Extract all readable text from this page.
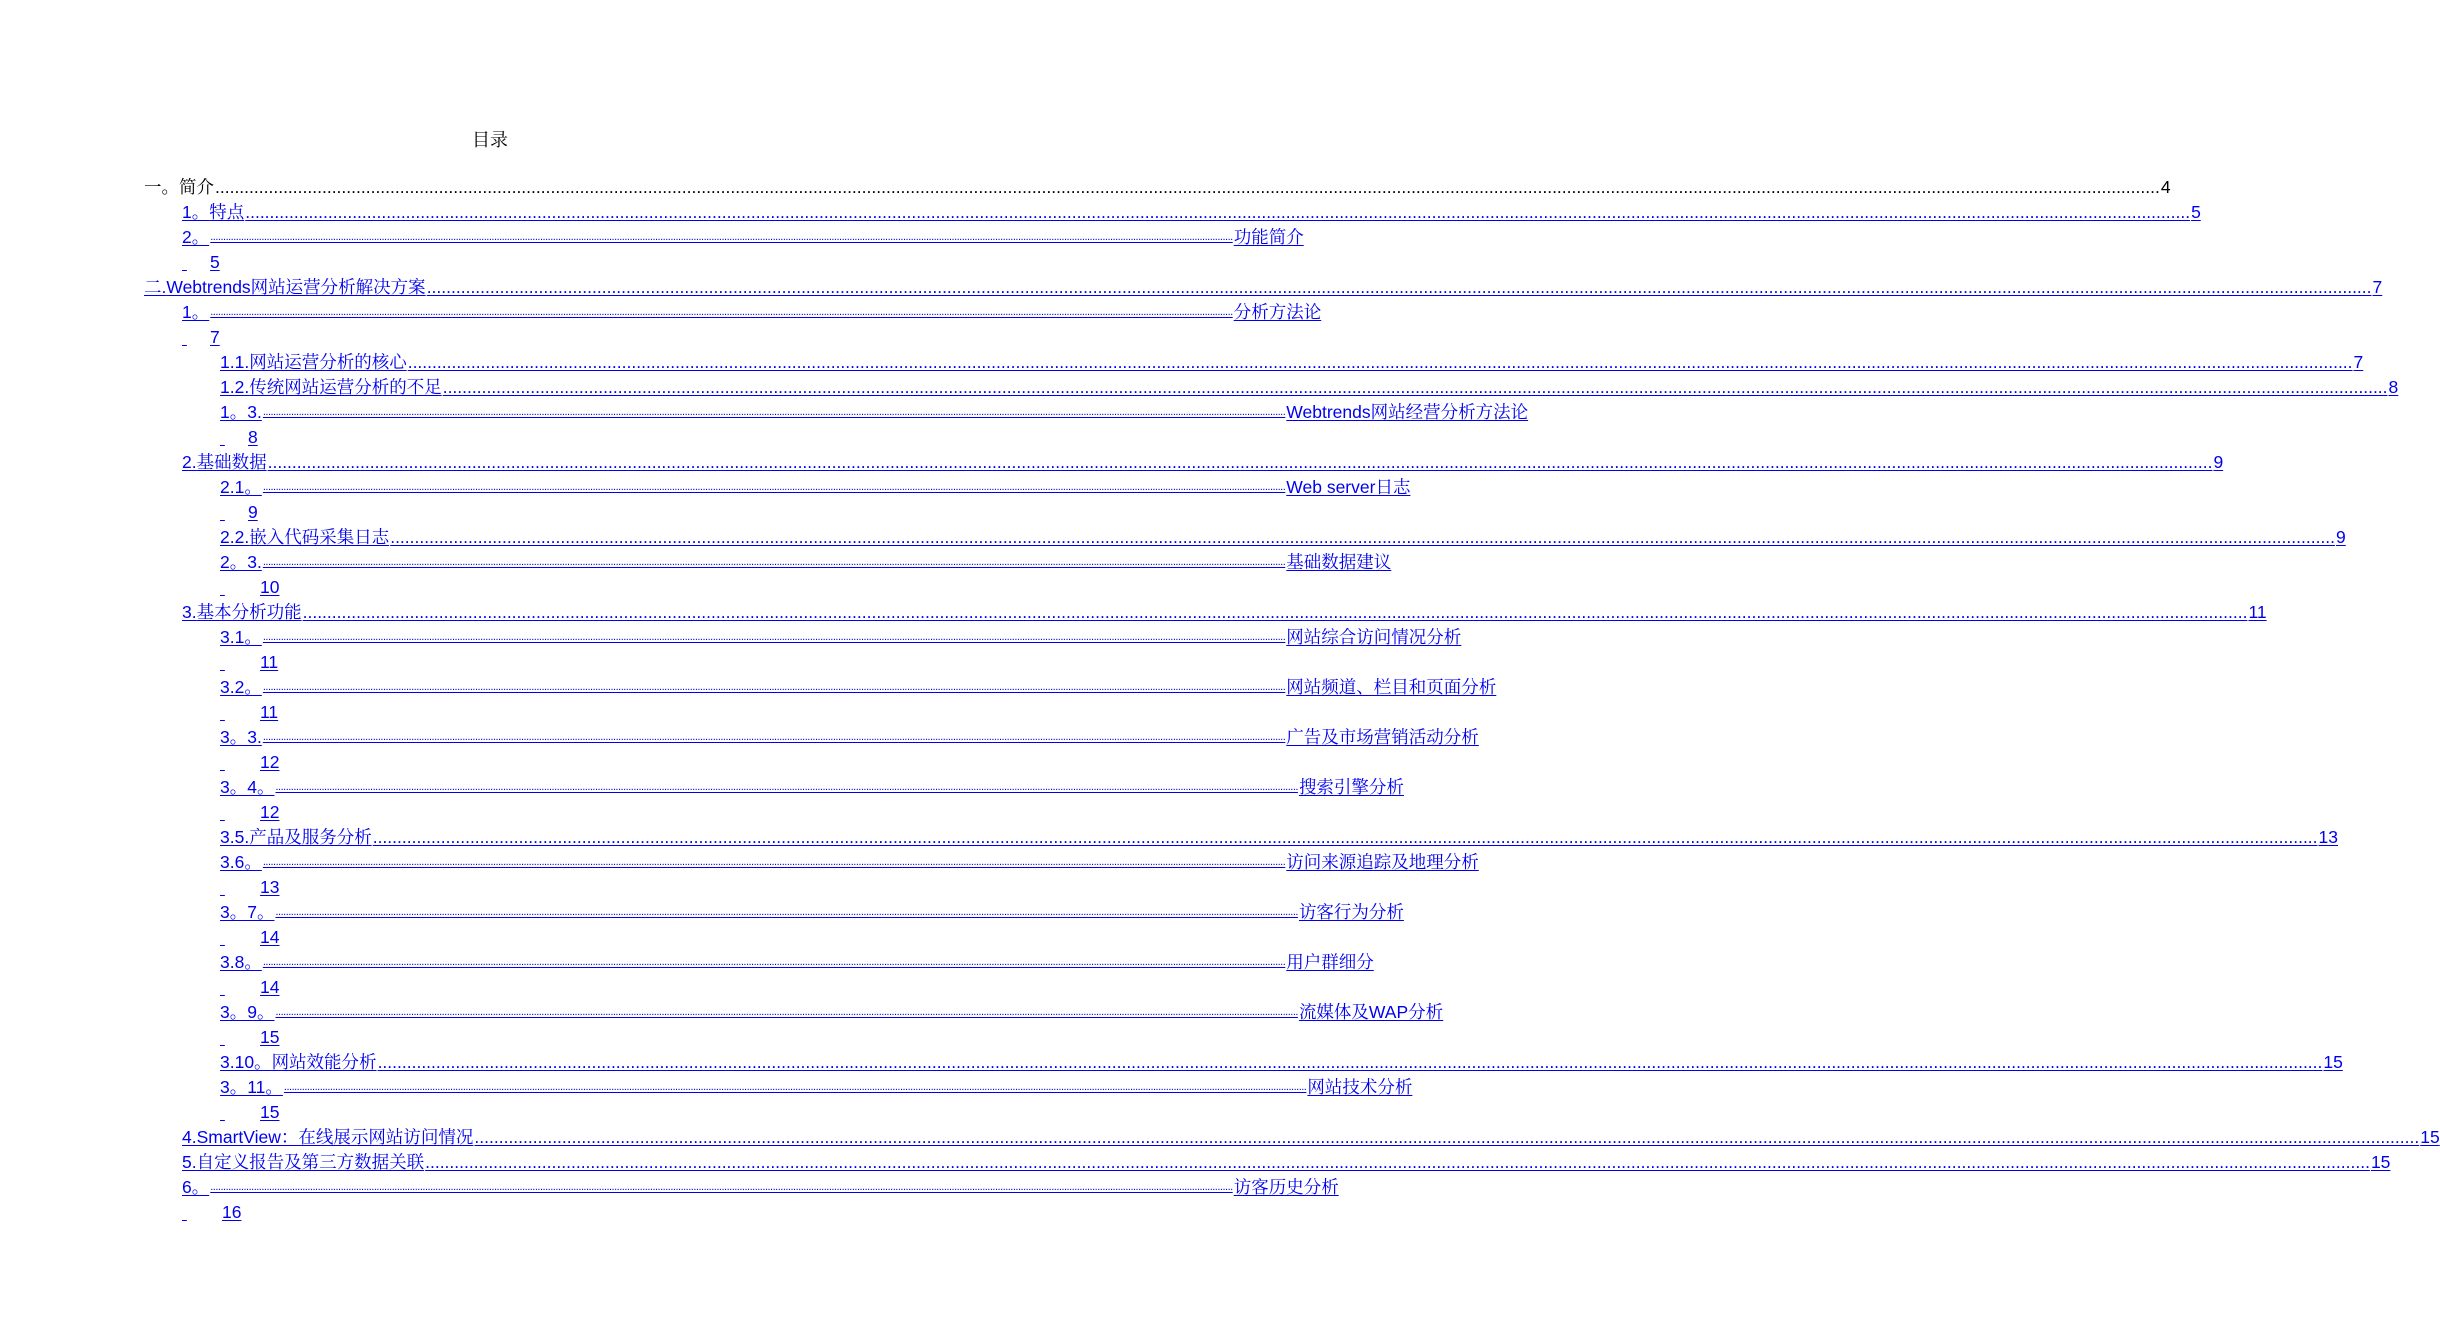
目录
一。 简介 ................................................................................................................................................................................................................................................................................................................................................................................................................ 4
1。 特点 ................................................................................................................................................................................................................................................................................................................................................................................................................ 5
2。 ................................................................................................................................................................................................................................................................................................................................................................................................................ 功能简介

5
二. Webtrends网站运营分析解决方案 ................................................................................................................................................................................................................................................................................................................................................................................................................ 7
1。 ................................................................................................................................................................................................................................................................................................................................................................................................................ 分析方法论

7
1.1. 网站运营分析的核心 ................................................................................................................................................................................................................................................................................................................................................................................................................ 7
1.2. 传统网站运营分析的不足 ................................................................................................................................................................................................................................................................................................................................................................................................................ 8
1。3. ................................................................................................................................................................................................................................................................................................................................................................................................................ Webtrends网站经营分析方法论

8
2. 基础数据 ................................................................................................................................................................................................................................................................................................................................................................................................................ 9
2.1。 ................................................................................................................................................................................................................................................................................................................................................................................................................ Web server日志

9
2.2. 嵌入代码采集日志 ................................................................................................................................................................................................................................................................................................................................................................................................................ 9
2。3. ................................................................................................................................................................................................................................................................................................................................................................................................................ 基础数据建议

10
3. 基本分析功能 ................................................................................................................................................................................................................................................................................................................................................................................................................ 11
3.1。 ................................................................................................................................................................................................................................................................................................................................................................................................................ 网站综合访问情况分析

11
3.2。 ................................................................................................................................................................................................................................................................................................................................................................................................................ 网站频道、栏目和页面分析

11
3。3. ................................................................................................................................................................................................................................................................................................................................................................................................................ 广告及市场营销活动分析

12
3。4。 ................................................................................................................................................................................................................................................................................................................................................................................................................ 搜索引擎分析

12
3.5. 产品及服务分析 ................................................................................................................................................................................................................................................................................................................................................................................................................ 13
3.6。 ................................................................................................................................................................................................................................................................................................................................................................................................................ 访问来源追踪及地理分析

13
3。7。 ................................................................................................................................................................................................................................................................................................................................................................................................................ 访客行为分析

14
3.8。 ................................................................................................................................................................................................................................................................................................................................................................................................................ 用户群细分

14
3。9。 ................................................................................................................................................................................................................................................................................................................................................................................................................ 流媒体及WAP分析

15
3.10。 网站效能分析 ................................................................................................................................................................................................................................................................................................................................................................................................................ 15
3。11。 ................................................................................................................................................................................................................................................................................................................................................................................................................ 网站技术分析

15
4. SmartView：在线展示网站访问情况 ................................................................................................................................................................................................................................................................................................................................................................................................................ 15
5. 自定义报告及第三方数据关联 ................................................................................................................................................................................................................................................................................................................................................................................................................ 15
6。 ................................................................................................................................................................................................................................................................................................................................................................................................................ 访客历史分析

16
